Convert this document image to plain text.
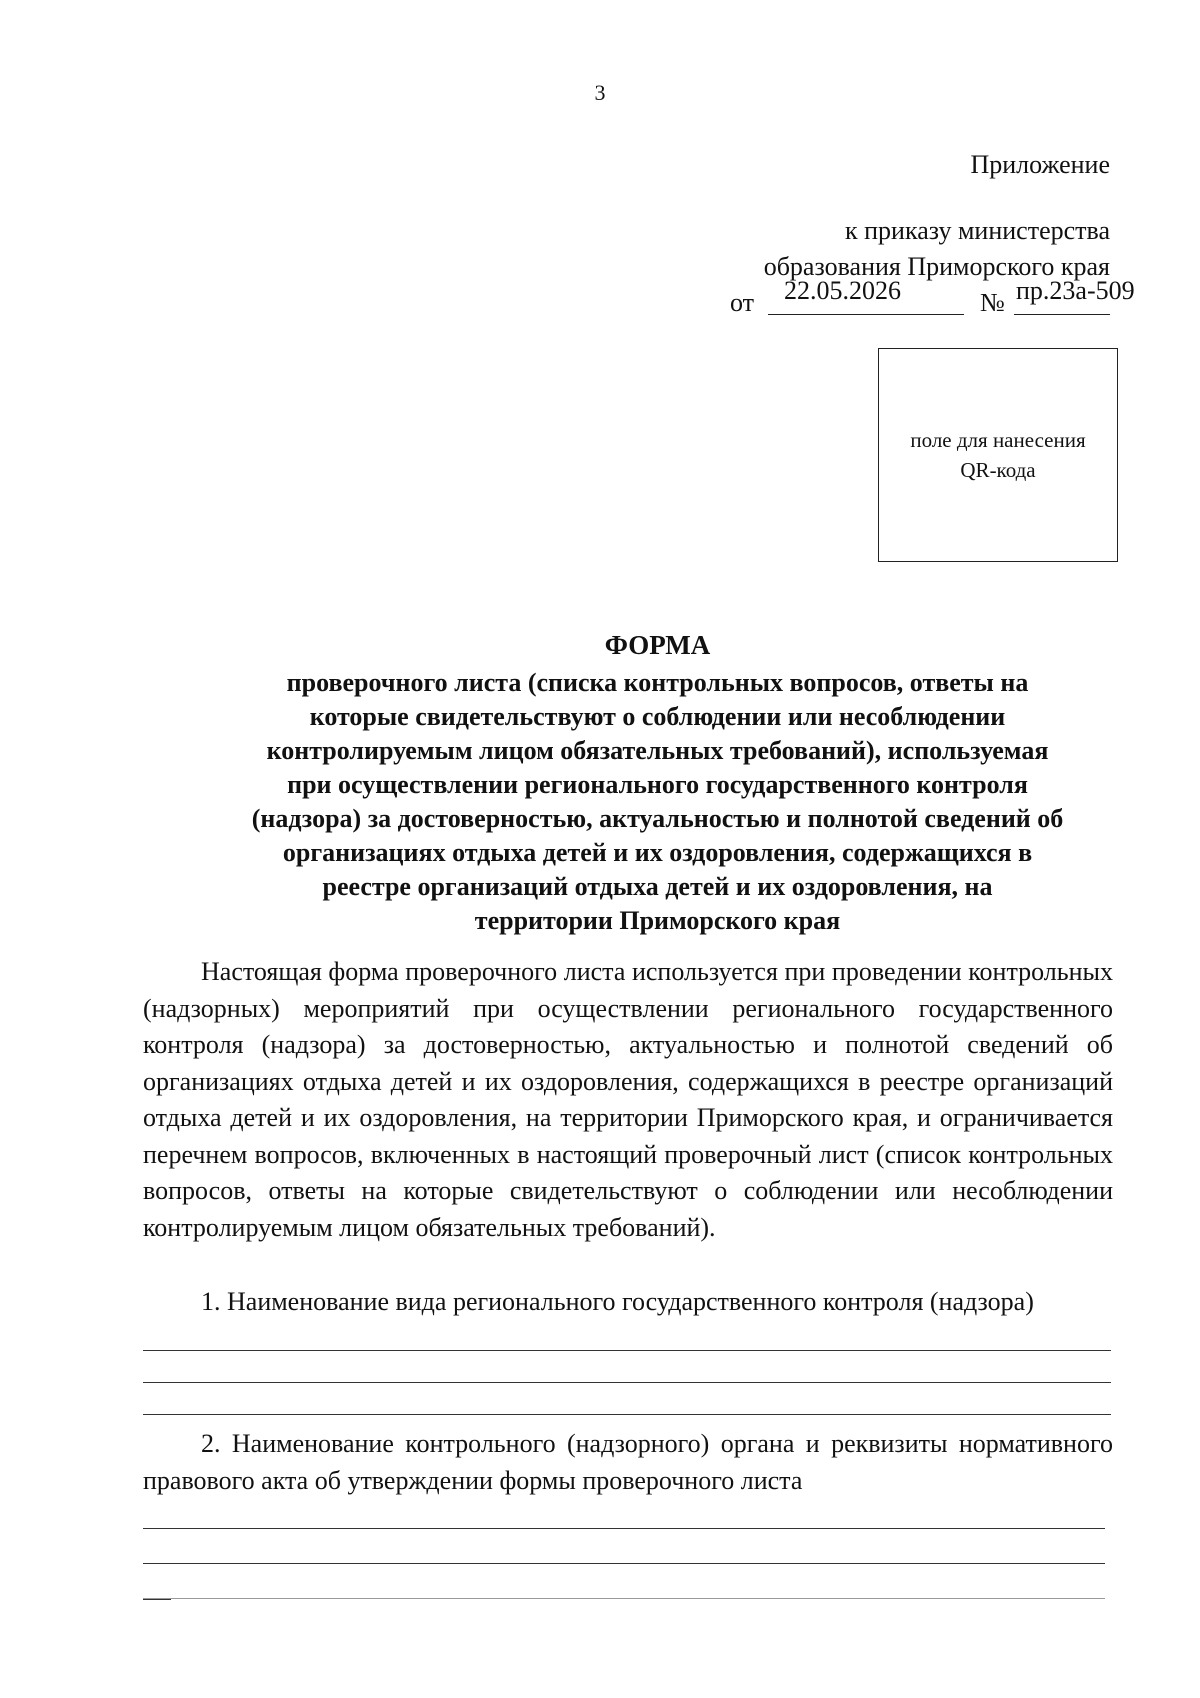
3
Приложение
к приказу министерства
образования Приморского края
от 22.05.2026	№ пр.23а-509
поле для нанесения
QR-кода
ФОРМА
проверочного листа (списка контрольных вопросов, ответы на
которые свидетельствуют о соблюдении или несоблюдении
контролируемым лицом обязательных требований), используемая
при осуществлении регионального государственного контроля
(надзора) за достоверностью, актуальностью и полнотой сведений об
организациях отдыха детей и их оздоровления, содержащихся в
реестре организаций отдыха детей и их оздоровления, на
территории Приморского края
Настоящая форма проверочного листа используется при проведении контрольных (надзорных) мероприятий при осуществлении регионального государственного контроля (надзора) за достоверностью, актуальностью и полнотой сведений об организациях отдыха детей и их оздоровления, содержащихся в реестре организаций отдыха детей и их оздоровления, на территории Приморского края, и ограничивается перечнем вопросов, включенных в настоящий проверочный лист (список контрольных вопросов, ответы на которые свидетельствуют о соблюдении или несоблюдении контролируемым лицом обязательных требований).
1. Наименование вида регионального государственного контроля (надзора)
2. Наименование контрольного (надзорного) органа и реквизиты нормативного правового акта об утверждении формы проверочного листа
